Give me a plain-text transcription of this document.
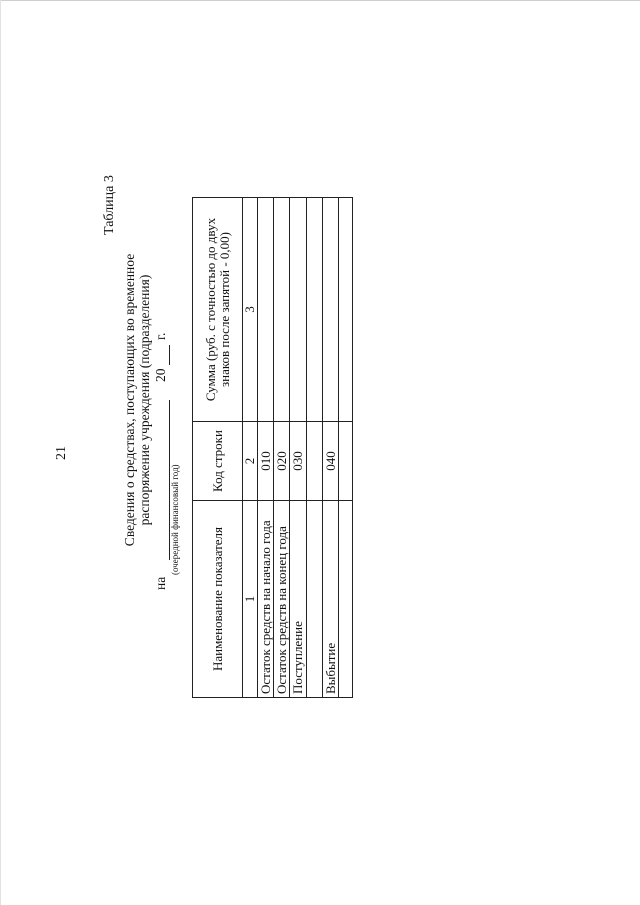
21
Таблица 3
Сведения о средствах, поступающих во временное распоряжение учреждения (подразделения)
на
20
г.
(очередной финансовый год)
Наименование показателя	Код строки	Сумма (руб. с точностью до двух знаков после запятой - 0,00)
1	2	3
Остаток средств на начало года	010	
Остаток средств на конец года	020	
Поступление	030	

Выбытие	040	
